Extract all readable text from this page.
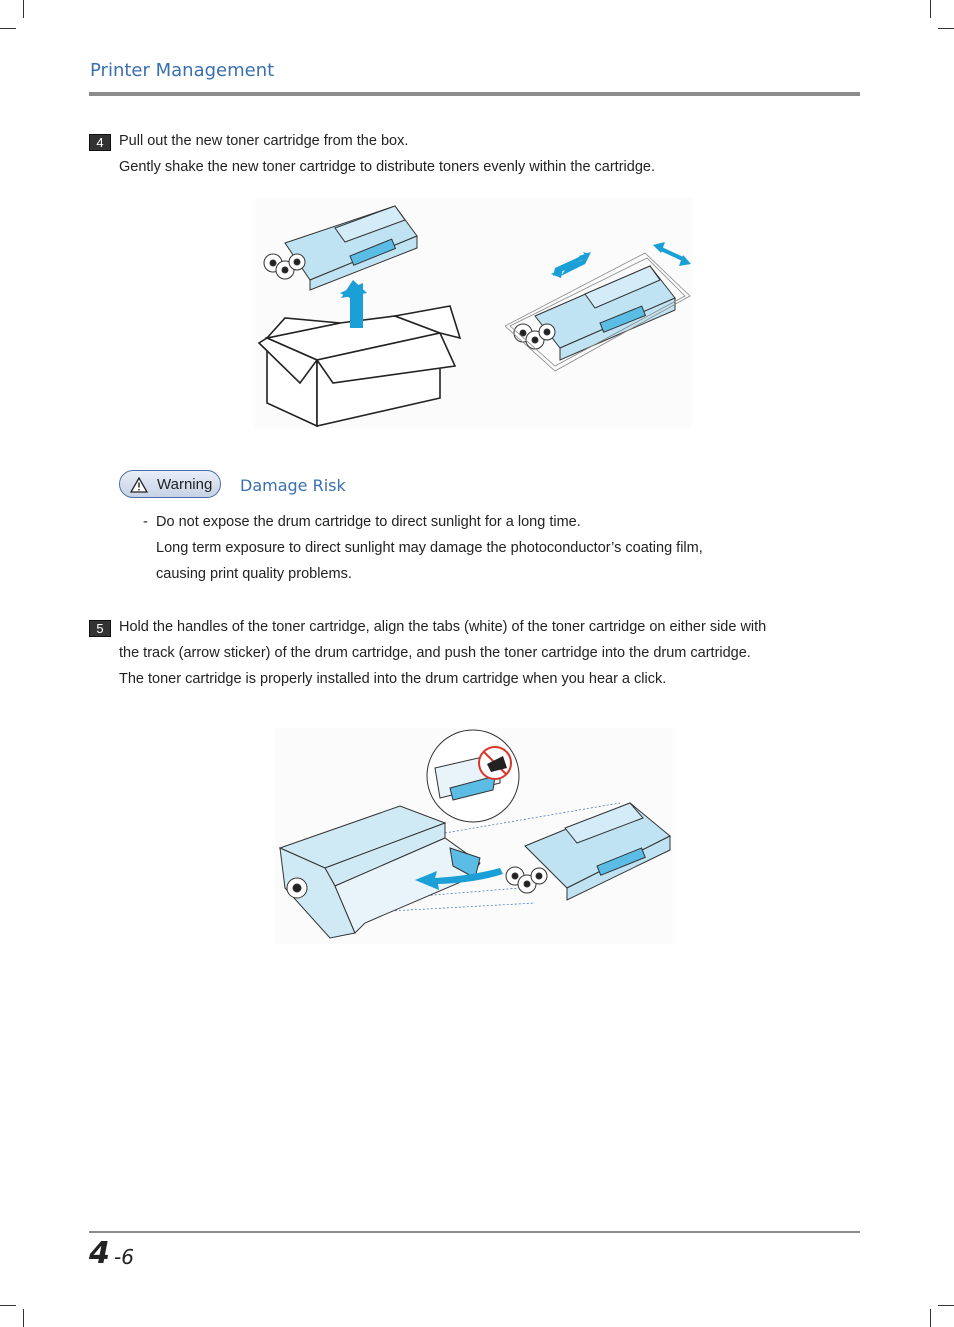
Printer Management
4	Pull out the new toner cartridge from the box.
Gently shake the new toner cartridge to distribute toners evenly within the cartridge.
Warning Damage Risk
- Do not expose the drum cartridge to direct sunlight for a long time.
Long term exposure to direct sunlight may damage the photoconductor’s coating film,
causing print quality problems.
5	Hold the handles of the toner cartridge, align the tabs (white) of the toner cartridge on either side with
the track (arrow sticker) of the drum cartridge, and push the toner cartridge into the drum cartridge.
The toner cartridge is properly installed into the drum cartridge when you hear a click.
4 -6
